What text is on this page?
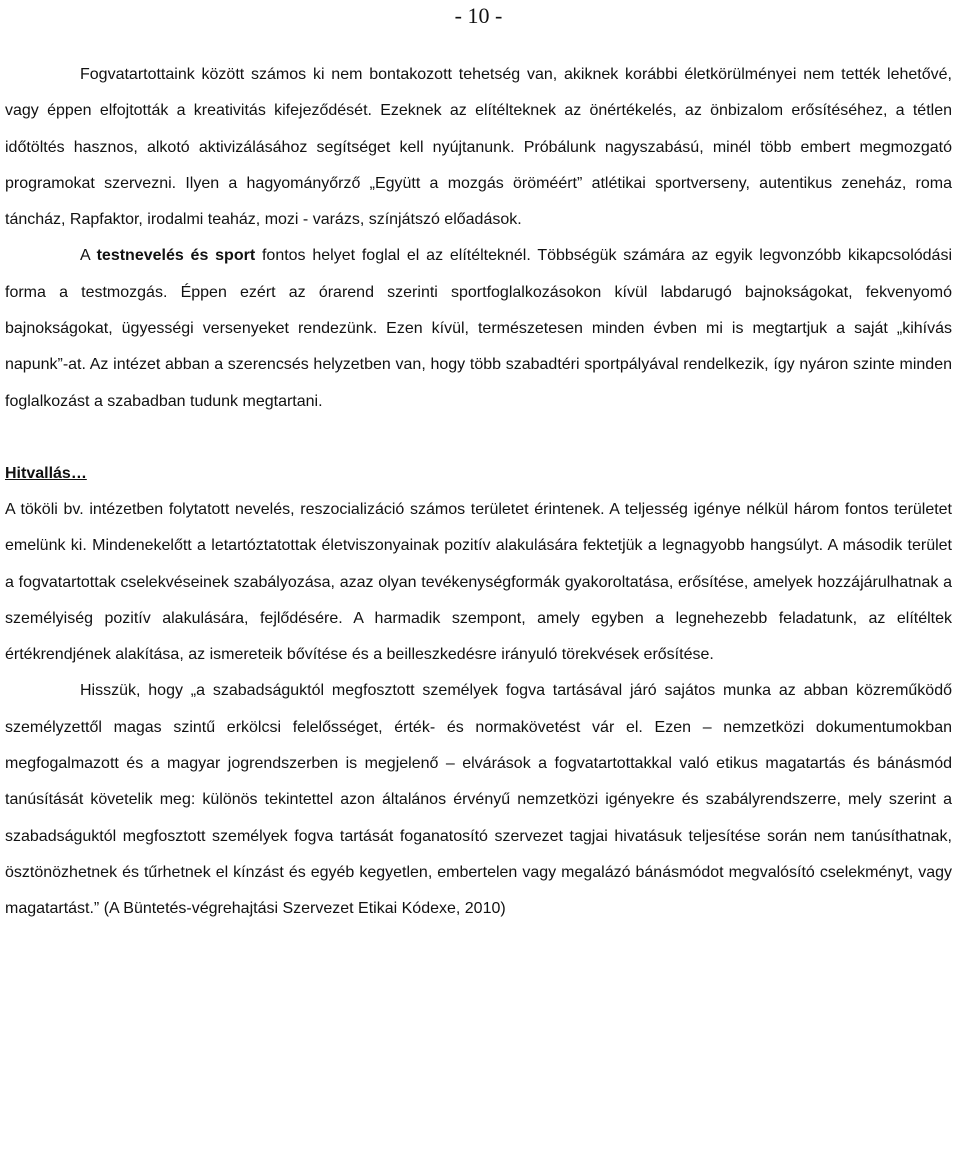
- 10 -

Fogvatartottaink között számos ki nem bontakozott tehetség van, akiknek korábbi életkörülményei nem tették lehetővé, vagy éppen elfojtották a kreativitás kifejeződését. Ezeknek az elítélteknek az önértékelés, az önbizalom erősítéséhez, a tétlen időtöltés hasznos, alkotó aktivizálásához segítséget kell nyújtanunk. Próbálunk nagyszabású, minél több embert megmozgató programokat szervezni. Ilyen a hagyományőrző „Együtt a mozgás öröméért” atlétikai sportverseny, autentikus zeneház, roma táncház, Rapfaktor, irodalmi teaház, mozi - varázs, színjátszó előadások.

A testnevelés és sport fontos helyet foglal el az elítélteknél. Többségük számára az egyik legvonzóbb kikapcsolódási forma a testmozgás. Éppen ezért az órarend szerinti sportfoglalkozásokon kívül labdarugó bajnokságokat, fekvenyomó bajnokságokat, ügyességi versenyeket rendezünk. Ezen kívül, természetesen minden évben mi is megtartjuk a saját „kihívás napunk”-at. Az intézet abban a szerencsés helyzetben van, hogy több szabadtéri sportpályával rendelkezik, így nyáron szinte minden foglalkozást a szabadban tudunk megtartani.

Hitvallás…

A tököli bv. intézetben folytatott nevelés, reszocializáció számos területet érintenek. A teljesség igénye nélkül három fontos területet emelünk ki. Mindenekelőtt a letartóztatottak életviszonyainak pozitív alakulására fektetjük a legnagyobb hangsúlyt. A második terület a fogvatartottak cselekvéseinek szabályozása, azaz olyan tevékenységformák gyakoroltatása, erősítése, amelyek hozzájárulhatnak a személyiség pozitív alakulására, fejlődésére. A harmadik szempont, amely egyben a legnehezebb feladatunk, az elítéltek értékrendjének alakítása, az ismereteik bővítése és a beilleszkedésre irányuló törekvések erősítése.

Hisszük, hogy „a szabadságuktól megfosztott személyek fogva tartásával járó sajátos munka az abban közreműködő személyzettől magas szintű erkölcsi felelősséget, érték- és normakövetést vár el. Ezen – nemzetközi dokumentumokban megfogalmazott és a magyar jogrendszerben is megjelenő – elvárások a fogvatartottakkal való etikus magatartás és bánásmód tanúsítását követelik meg: különös tekintettel azon általános érvényű nemzetközi igényekre és szabályrendszerre, mely szerint a szabadságuktól megfosztott személyek fogva tartását foganatosító szervezet tagjai hivatásuk teljesítése során nem tanúsíthatnak, ösztönözhetnek és tűrhetnek el kínzást és egyéb kegyetlen, embertelen vagy megalázó bánásmódot megvalósító cselekményt, vagy magatartást.” (A Büntetés-végrehajtási Szervezet Etikai Kódexe, 2010)
